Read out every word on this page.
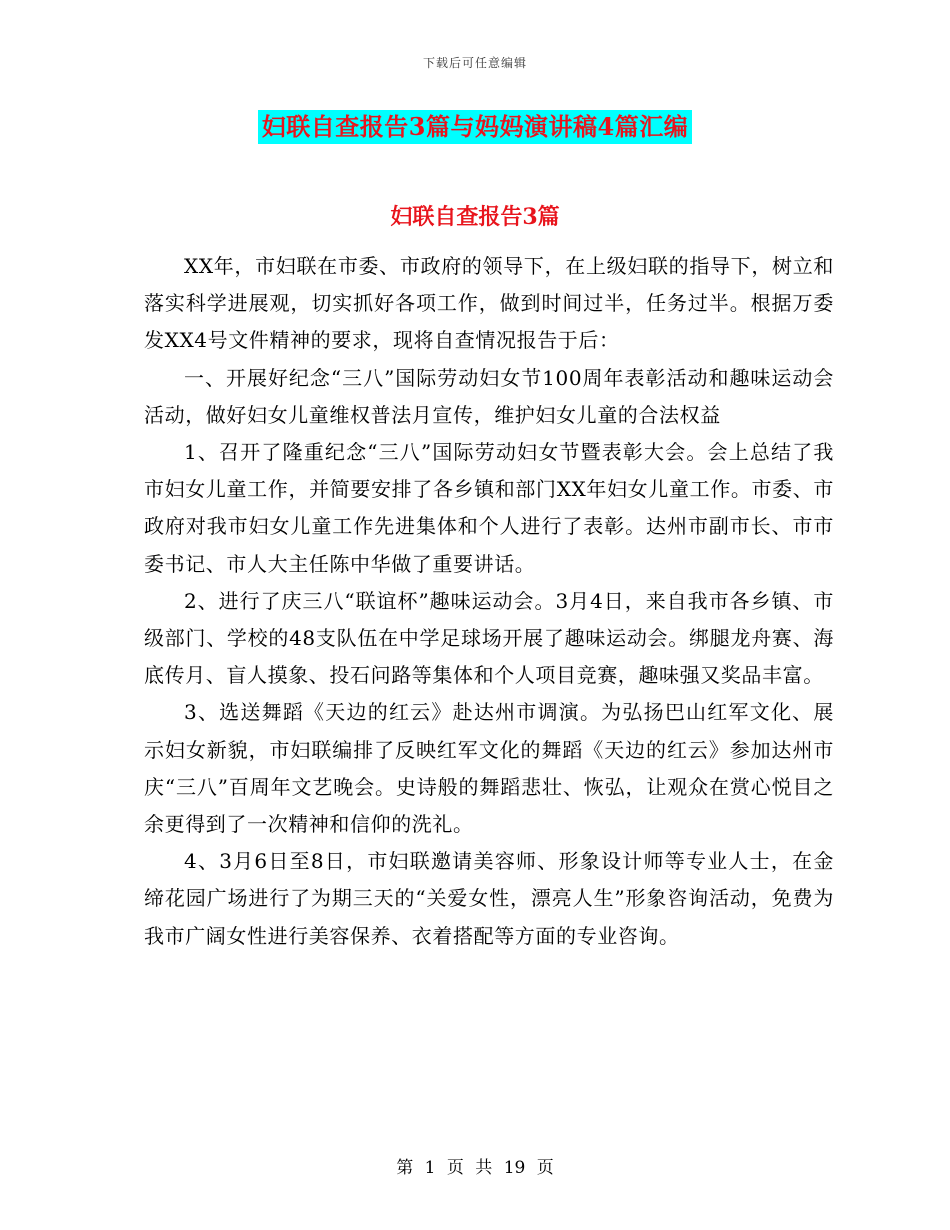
下载后可任意编辑
妇联自查报告3篇与妈妈演讲稿4篇汇编
妇联自查报告3篇

XX年，市妇联在市委、市政府的领导下，在上级妇联的指导下，树立和落实科学进展观，切实抓好各项工作，做到时间过半，任务过半。根据万委发XX4号文件精神的要求，现将自查情况报告于后：

一、开展好纪念“三八”国际劳动妇女节100周年表彰活动和趣味运动会活动，做好妇女儿童维权普法月宣传，维护妇女儿童的合法权益

1、召开了隆重纪念“三八”国际劳动妇女节暨表彰大会。会上总结了我市妇女儿童工作，并简要安排了各乡镇和部门XX年妇女儿童工作。市委、市政府对我市妇女儿童工作先进集体和个人进行了表彰。达州市副市长、市市委书记、市人大主任陈中华做了重要讲话。

2、进行了庆三八“联谊杯”趣味运动会。3月4日，来自我市各乡镇、市级部门、学校的48支队伍在中学足球场开展了趣味运动会。绑腿龙舟赛、海底传月、盲人摸象、投石问路等集体和个人项目竞赛，趣味强又奖品丰富。

3、选送舞蹈《天边的红云》赴达州市调演。为弘扬巴山红军文化、展示妇女新貌，市妇联编排了反映红军文化的舞蹈《天边的红云》参加达州市庆“三八”百周年文艺晚会。史诗般的舞蹈悲壮、恢弘，让观众在赏心悦目之余更得到了一次精神和信仰的洗礼。

4、3月6日至8日，市妇联邀请美容师、形象设计师等专业人士，在金缔花园广场进行了为期三天的“关爱女性，漂亮人生”形象咨询活动，免费为我市广阔女性进行美容保养、衣着搭配等方面的专业咨询。

第 1 页 共 19 页
